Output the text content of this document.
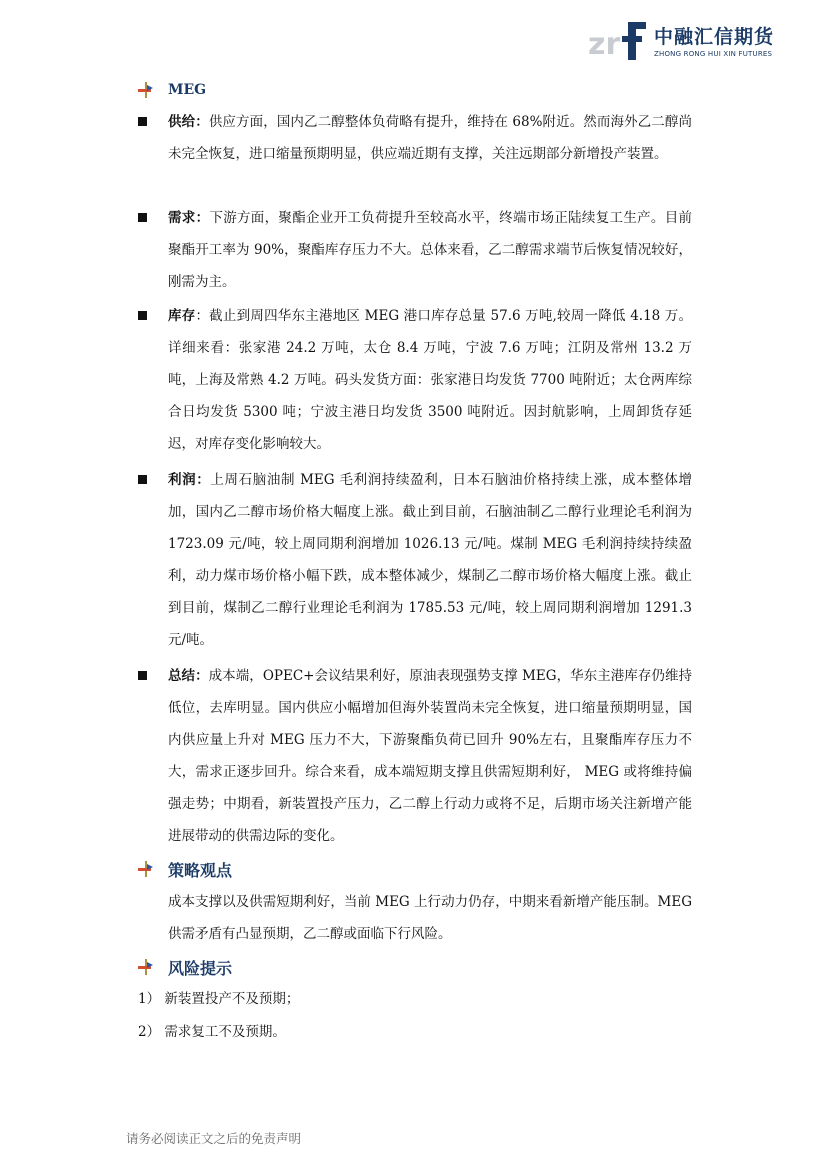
zr 中融汇信期货
ZHONG RONG HUI XIN FUTURES
MEG
供给：供应方面，国内乙二醇整体负荷略有提升，维持在 68%附近。然而海外乙二醇尚未完全恢复，进口缩量预期明显，供应端近期有支撑，关注远期部分新增投产装置。
需求：下游方面，聚酯企业开工负荷提升至较高水平，终端市场正陆续复工生产。目前聚酯开工率为 90%，聚酯库存压力不大。总体来看，乙二醇需求端节后恢复情况较好，刚需为主。
库存：截止到周四华东主港地区 MEG 港口库存总量 57.6 万吨,较周一降低 4.18 万。详细来看：张家港 24.2 万吨，太仓 8.4 万吨，宁波 7.6 万吨；江阴及常州 13.2 万吨，上海及常熟 4.2 万吨。码头发货方面：张家港日均发货 7700 吨附近；太仓两库综合日均发货 5300 吨；宁波主港日均发货 3500 吨附近。因封航影响，上周卸货存延迟，对库存变化影响较大。
利润：上周石脑油制 MEG 毛利润持续盈利，日本石脑油价格持续上涨，成本整体增加，国内乙二醇市场价格大幅度上涨。截止到目前，石脑油制乙二醇行业理论毛利润为 1723.09 元/吨，较上周同期利润增加 1026.13 元/吨。煤制 MEG 毛利润持续持续盈利，动力煤市场价格小幅下跌，成本整体减少，煤制乙二醇市场价格大幅度上涨。截止到目前，煤制乙二醇行业理论毛利润为 1785.53 元/吨，较上周同期利润增加 1291.3 元/吨。
总结：成本端，OPEC+会议结果利好，原油表现强势支撑 MEG，华东主港库存仍维持低位，去库明显。国内供应小幅增加但海外装置尚未完全恢复，进口缩量预期明显，国内供应量上升对 MEG 压力不大，下游聚酯负荷已回升 90%左右，且聚酯库存压力不大，需求正逐步回升。综合来看，成本端短期支撑且供需短期利好， MEG 或将维持偏强走势；中期看，新装置投产压力，乙二醇上行动力或将不足，后期市场关注新增产能进展带动的供需边际的变化。
策略观点
成本支撑以及供需短期利好，当前 MEG 上行动力仍存，中期来看新增产能压制。MEG 供需矛盾有凸显预期，乙二醇或面临下行风险。
风险提示
1） 新装置投产不及预期；
2） 需求复工不及预期。
请务必阅读正文之后的免责声明
